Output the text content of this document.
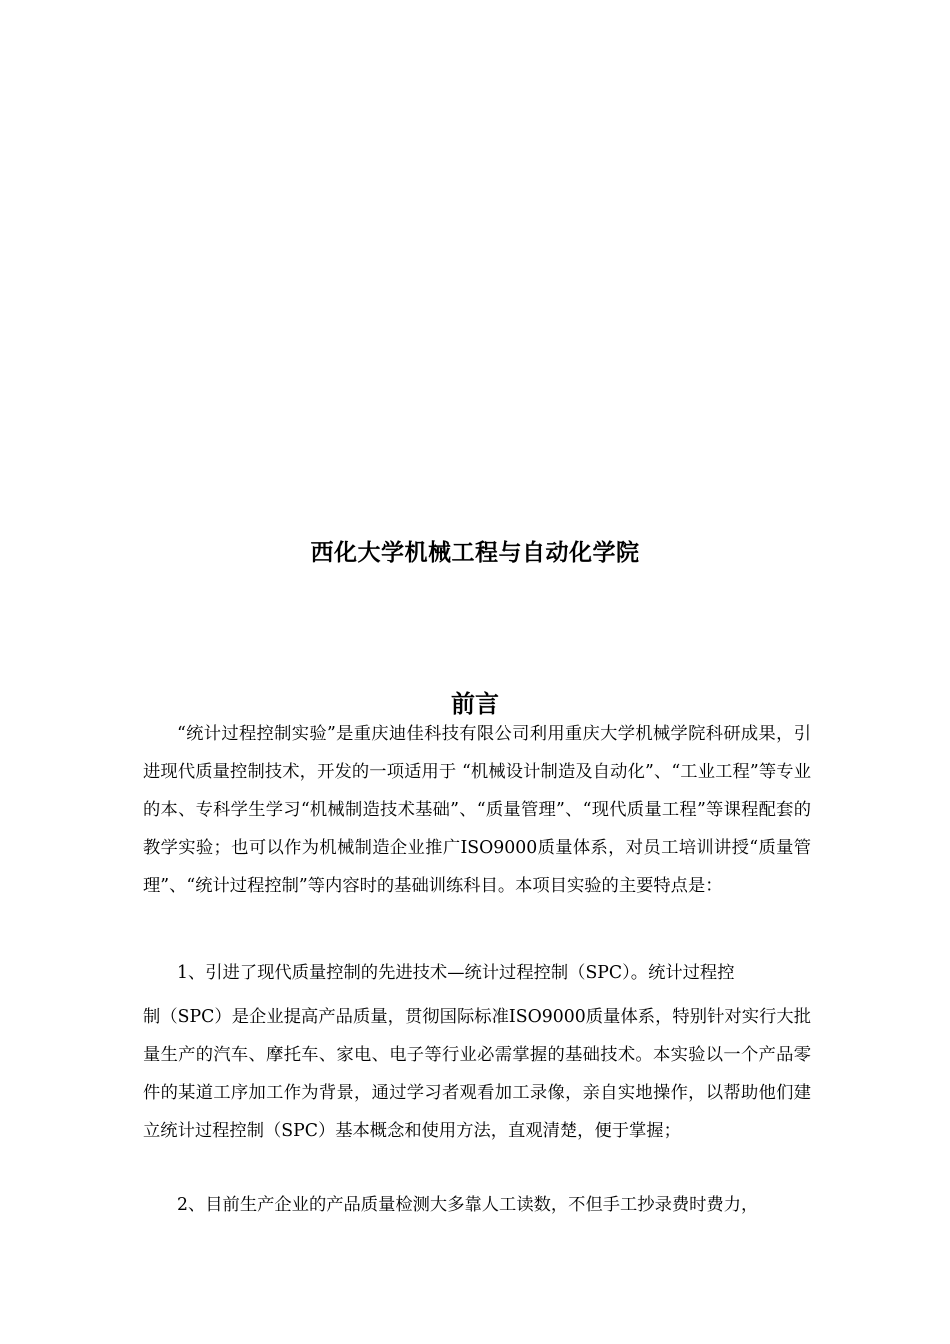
西化大学机械工程与自动化学院
前言

“统计过程控制实验”是重庆迪佳科技有限公司利用重庆大学机械学院科研成果，引进现代质量控制技术，开发的一项适用于 “机械设计制造及自动化”、“工业工程”等专业的本、专科学生学习“机械制造技术基础”、“质量管理”、“现代质量工程”等课程配套的教学实验；也可以作为机械制造企业推广ISO9000质量体系，对员工培训讲授“质量管理”、“统计过程控制”等内容时的基础训练科目。本项目实验的主要特点是：

1、引进了现代质量控制的先进技术—统计过程控制（SPC）。统计过程控

制（SPC）是企业提高产品质量，贯彻国际标准ISO9000质量体系，特别针对实行大批量生产的汽车、摩托车、家电、电子等行业必需掌握的基础技术。本实验以一个产品零件的某道工序加工作为背景，通过学习者观看加工录像，亲自实地操作，以帮助他们建立统计过程控制（SPC）基本概念和使用方法，直观清楚，便于掌握；

2、目前生产企业的产品质量检测大多靠人工读数，不但手工抄录费时费力，
